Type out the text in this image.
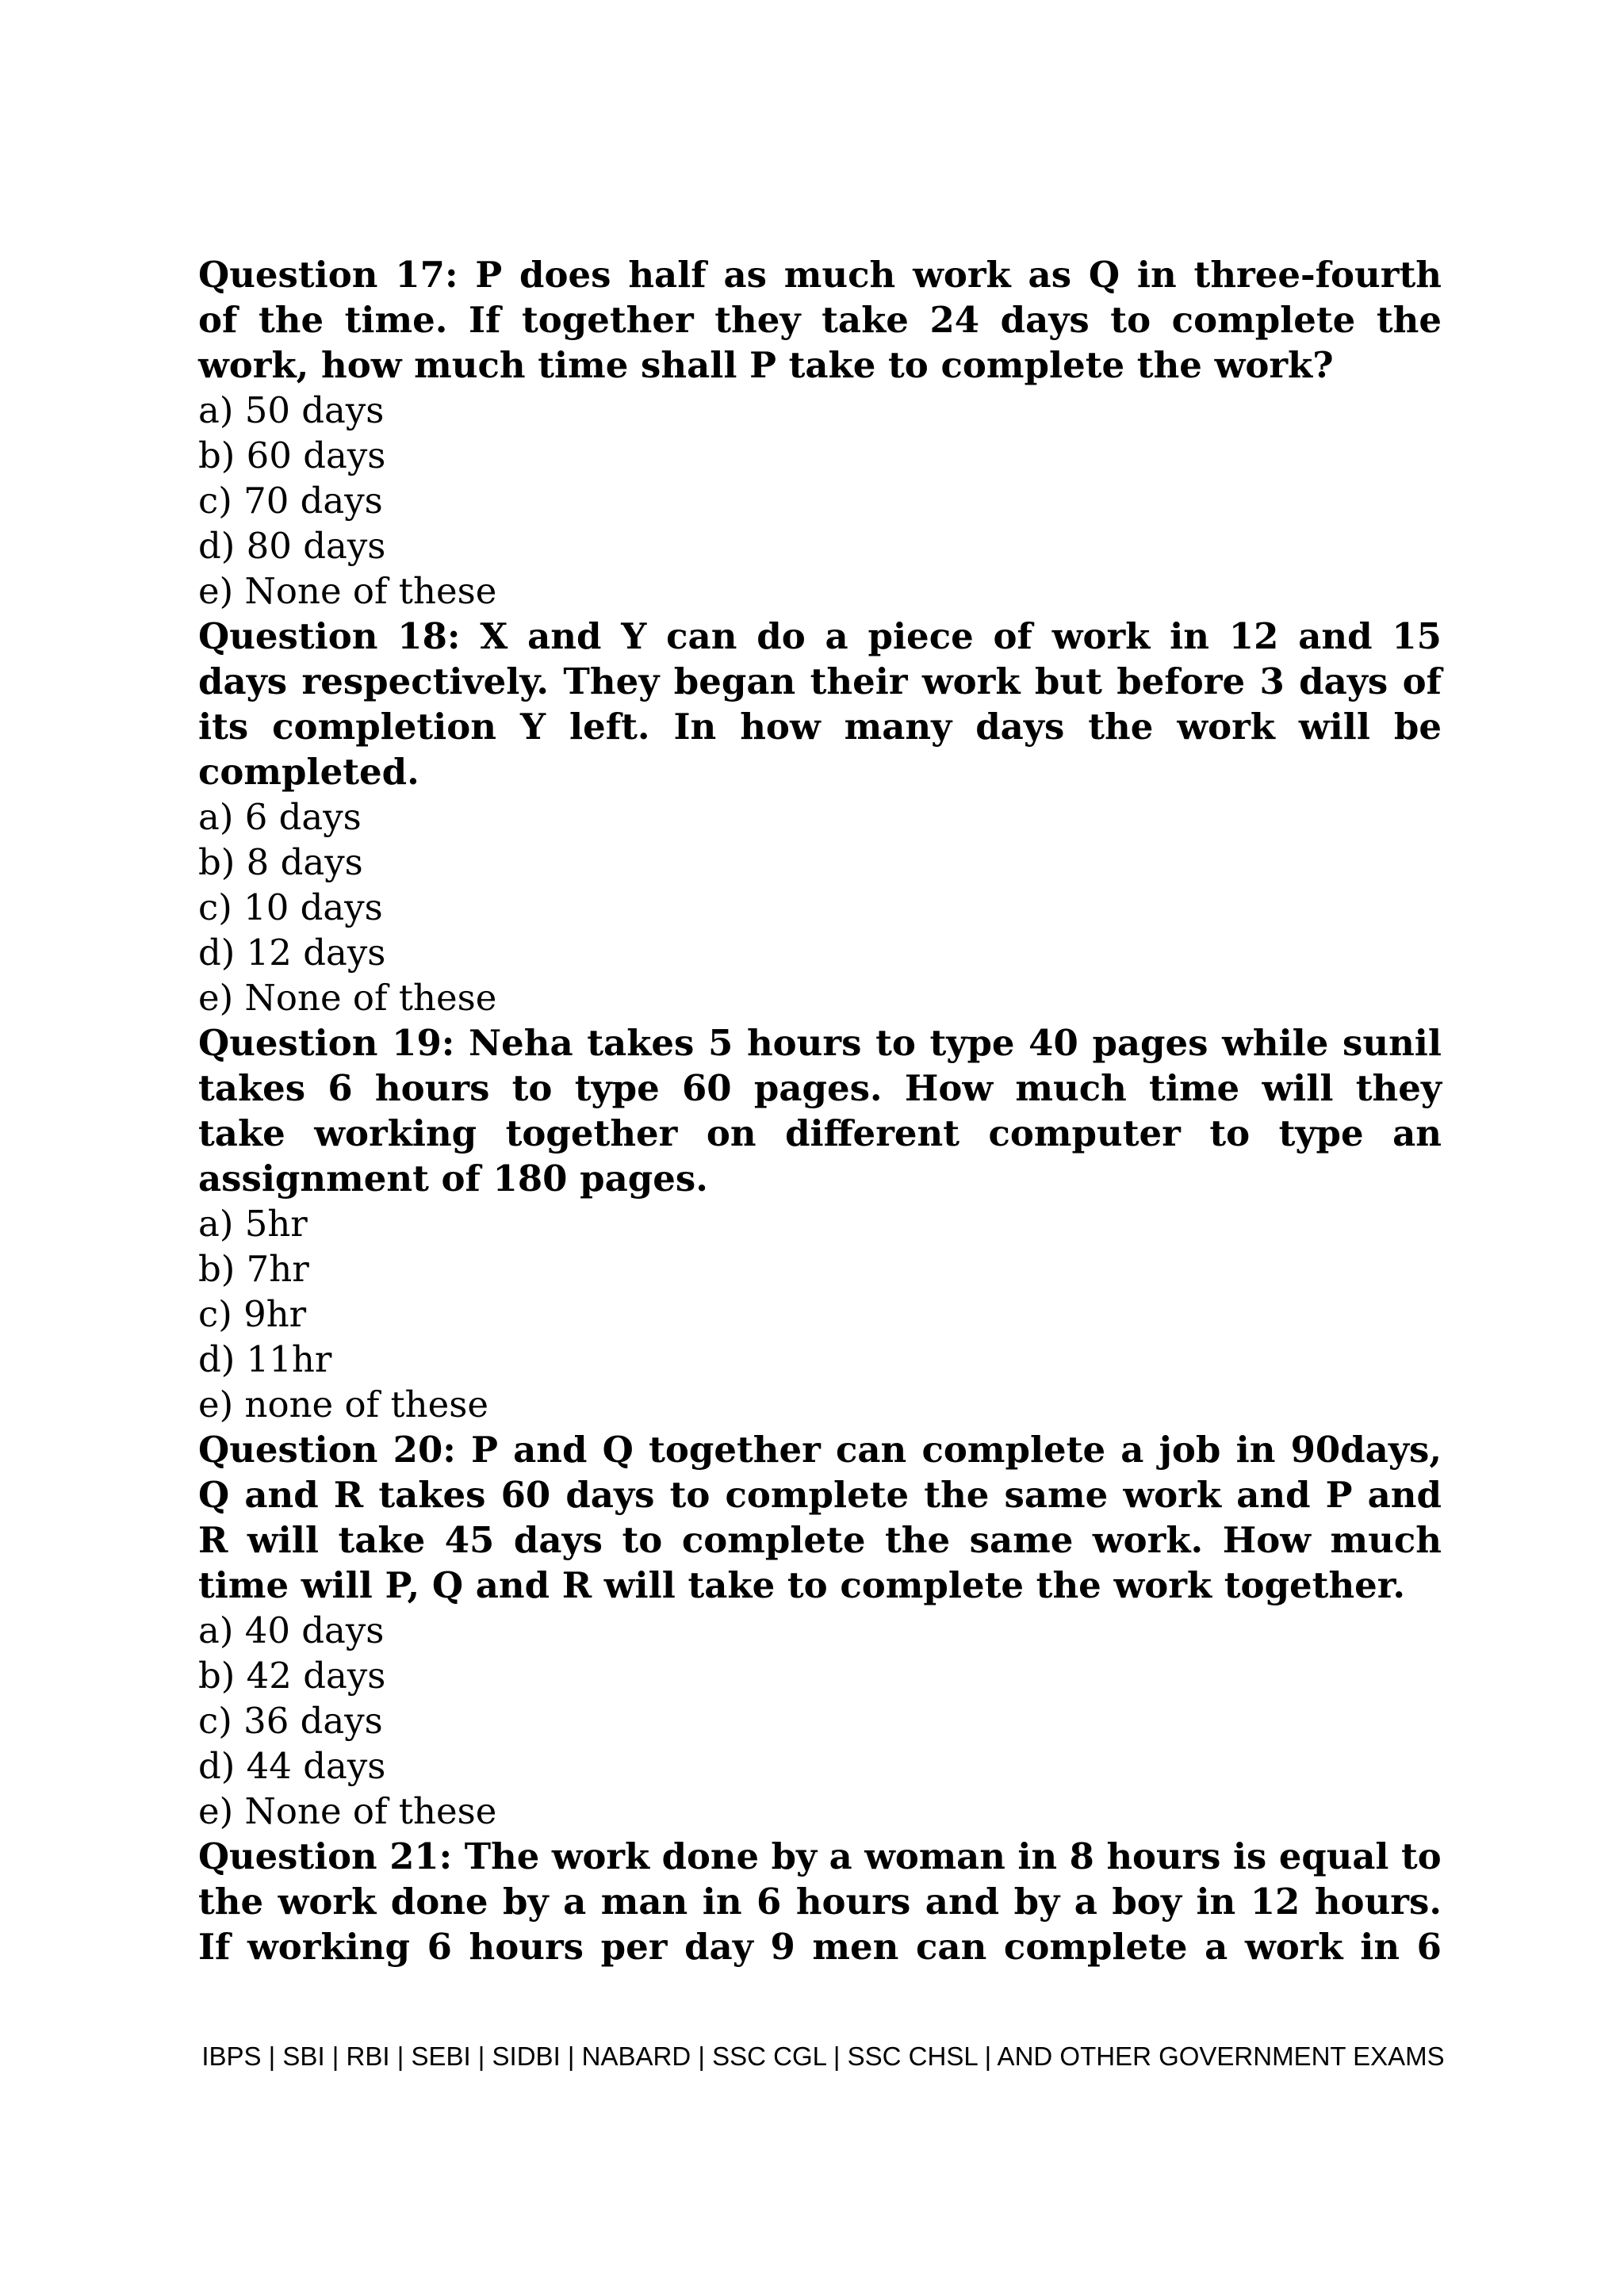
Question 17: P does half as much work as Q in three-fourth
of the time. If together they take 24 days to complete the
work, how much time shall P take to complete the work?
a) 50 days
b) 60 days
c) 70 days
d) 80 days
e) None of these
Question 18: X and Y can do a piece of work in 12 and 15
days respectively. They began their work but before 3 days of
its completion Y left. In how many days the work will be
completed.
a) 6 days
b) 8 days
c) 10 days
d) 12 days
e) None of these
Question 19: Neha takes 5 hours to type 40 pages while sunil
takes 6 hours to type 60 pages. How much time will they
take working together on different computer to type an
assignment of 180 pages.
a) 5hr
b) 7hr
c) 9hr
d) 11hr
e) none of these
Question 20: P and Q together can complete a job in 90days,
Q and R takes 60 days to complete the same work and P and
R will take 45 days to complete the same work. How much
time will P, Q and R will take to complete the work together.
a) 40 days
b) 42 days
c) 36 days
d) 44 days
e) None of these
Question 21: The work done by a woman in 8 hours is equal to
the work done by a man in 6 hours and by a boy in 12 hours.
If working 6 hours per day 9 men can complete a work in 6
IBPS | SBI | RBI | SEBI | SIDBI | NABARD | SSC CGL | SSC CHSL | AND OTHER GOVERNMENT EXAMS
